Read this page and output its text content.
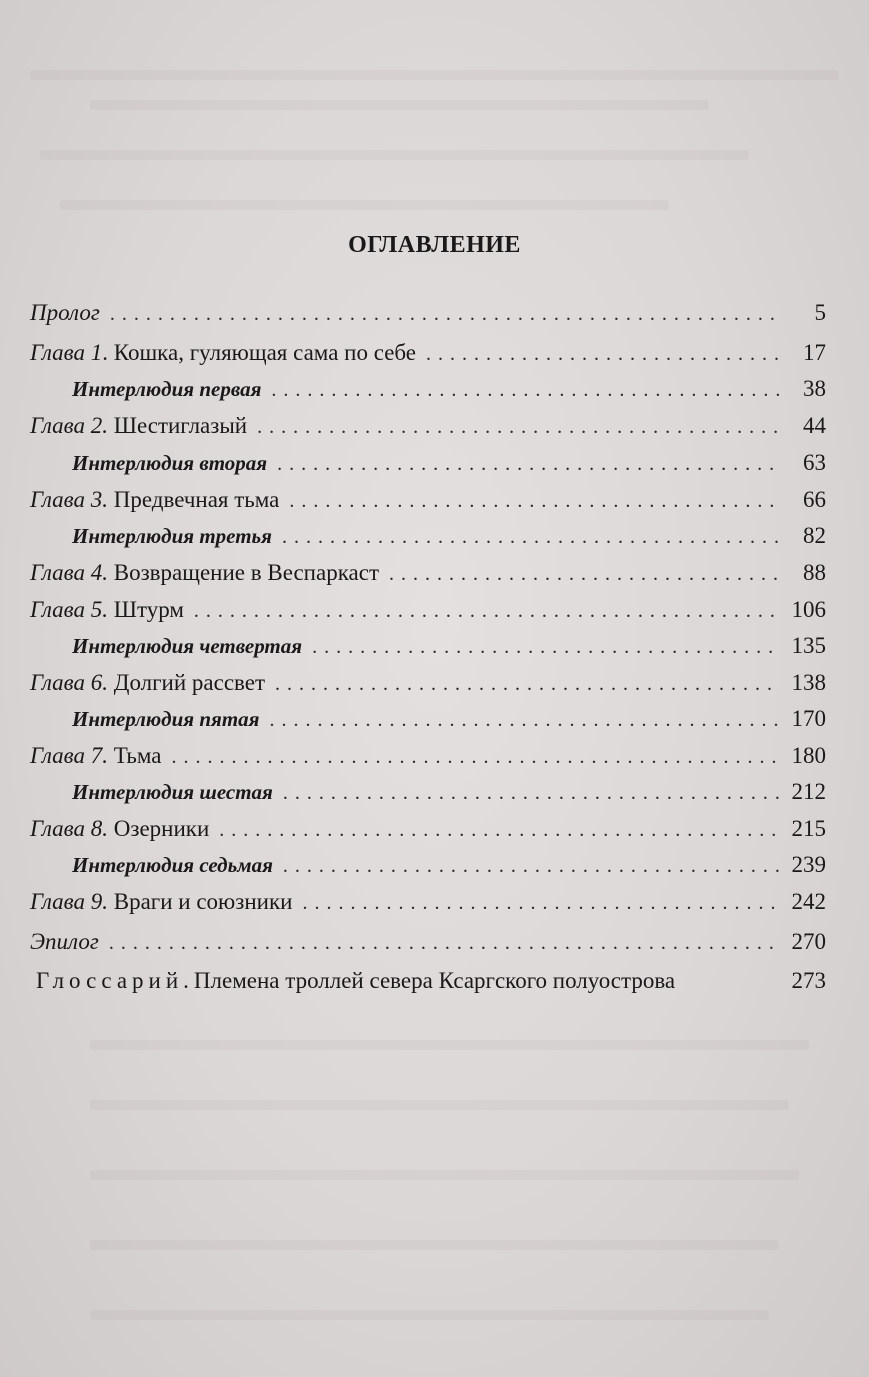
ОГЛАВЛЕНИЕ
Пролог . . .	5
Глава 1. Кошка, гуляющая сама по себе . . .	17
Интерлюдия первая . . .	38
Глава 2. Шестиглазый . . .	44
Интерлюдия вторая . . .	63
Глава 3. Предвечная тьма . . .	66
Интерлюдия третья . . .	82
Глава 4. Возвращение в Веспаркаст . . .	88
Глава 5. Штурм . . .	106
Интерлюдия четвертая . . .	135
Глава 6. Долгий рассвет . . .	138
Интерлюдия пятая . . .	170
Глава 7. Тьма . . .	180
Интерлюдия шестая . . .	212
Глава 8. Озерники . . .	215
Интерлюдия седьмая . . .	239
Глава 9. Враги и союзники . . .	242
Эпилог . . .	270
Глоссарий. Племена троллей севера Ксаргского полуострова	273
